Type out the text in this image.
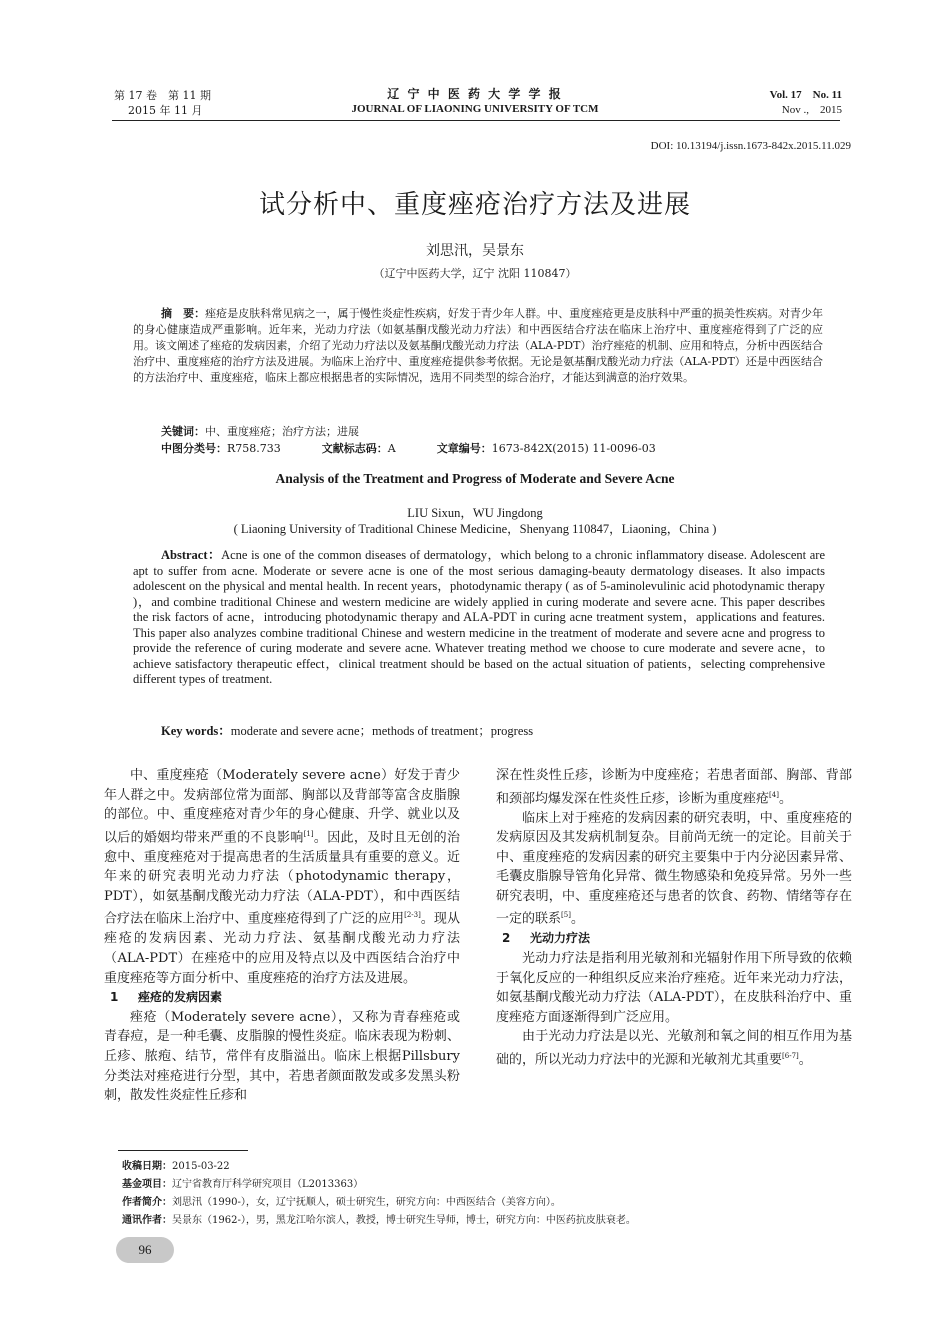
第 17 卷　第 11 期
2015 年 11 月
辽 宁 中 医 药 大 学 学 报
JOURNAL OF LIAONING UNIVERSITY OF TCM
Vol. 17　No. 11
Nov .,　2015
DOI: 10.13194/j.issn.1673-842x.2015.11.029
试分析中、重度痤疮治疗方法及进展
刘思汛，吴景东
（辽宁中医药大学，辽宁 沈阳 110847）
摘　要：痤疮是皮肤科常见病之一，属于慢性炎症性疾病，好发于青少年人群。中、重度痤疮更是皮肤科中严重的损美性疾病。对青少年的身心健康造成严重影响。近年来，光动力疗法（如氨基酮戊酸光动力疗法）和中西医结合疗法在临床上治疗中、重度痤疮得到了广泛的应用。该文阐述了痤疮的发病因素，介绍了光动力疗法以及氨基酮戊酸光动力疗法（ALA-PDT）治疗痤疮的机制、应用和特点，分析中西医结合治疗中、重度痤疮的治疗方法及进展。为临床上治疗中、重度痤疮提供参考依据。无论是氨基酮戊酸光动力疗法（ALA-PDT）还是中西医结合的方法治疗中、重度痤疮，临床上都应根据患者的实际情况，选用不同类型的综合治疗，才能达到满意的治疗效果。
关键词：中、重度痤疮；治疗方法；进展
中图分类号：R758.733	文献标志码：A	文章编号：1673-842X(2015) 11-0096-03
Analysis of the Treatment and Progress of Moderate and Severe Acne
LIU Sixun，WU Jingdong
( Liaoning University of Traditional Chinese Medicine，Shenyang 110847，Liaoning，China )
Abstract：Acne is one of the common diseases of dermatology，which belong to a chronic inflammatory disease. Adolescent are apt to suffer from acne. Moderate or severe acne is one of the most serious damaging-beauty dermatology diseases. It also impacts adolescent on the physical and mental health. In recent years，photodynamic therapy ( as of 5-aminolevulinic acid photodynamic therapy )，and combine traditional Chinese and western medicine are widely applied in curing moderate and severe acne. This paper describes the risk factors of acne，introducing photodynamic therapy and ALA-PDT in curing acne treatment system，applications and features. This paper also analyzes combine traditional Chinese and western medicine in the treatment of moderate and severe acne and progress to provide the reference of curing moderate and severe acne. Whatever treating method we choose to cure moderate and severe acne，to achieve satisfactory therapeutic effect，clinical treatment should be based on the actual situation of patients，selecting comprehensive different types of treatment.
Key words：moderate and severe acne；methods of treatment；progress

中、重度痤疮（Moderately severe acne）好发于青少年人群之中。发病部位常为面部、胸部以及背部等富含皮脂腺的部位。中、重度痤疮对青少年的身心健康、升学、就业以及以后的婚姻均带来严重的不良影响[1]。因此，及时且无创的治愈中、重度痤疮对于提高患者的生活质量具有重要的意义。近年来的研究表明光动力疗法（photodynamic therapy，PDT），如氨基酮戊酸光动力疗法（ALA-PDT），和中西医结合疗法在临床上治疗中、重度痤疮得到了广泛的应用[2-3]。现从痤疮的发病因素、光动力疗法、氨基酮戊酸光动力疗法（ALA-PDT）在痤疮中的应用及特点以及中西医结合治疗中重度痤疮等方面分析中、重度痤疮的治疗方法及进展。

1 痤疮的发病因素

痤疮（Moderately severe acne），又称为青春痤疮或青春痘，是一种毛囊、皮脂腺的慢性炎症。临床表现为粉刺、丘疹、脓疱、结节，常伴有皮脂溢出。临床上根据Pillsbury分类法对痤疮进行分型，其中，若患者颜面散发或多发黑头粉刺，散发性炎症性丘疹和

深在性炎性丘疹，诊断为中度痤疮；若患者面部、胸部、背部和颈部均爆发深在性炎性丘疹，诊断为重度痤疮[4]。

临床上对于痤疮的发病因素的研究表明，中、重度痤疮的发病原因及其发病机制复杂。目前尚无统一的定论。目前关于中、重度痤疮的发病因素的研究主要集中于内分泌因素异常、毛囊皮脂腺导管角化异常、微生物感染和免疫异常。另外一些研究表明，中、重度痤疮还与患者的饮食、药物、情绪等存在一定的联系[5]。

2 光动力疗法

光动力疗法是指利用光敏剂和光辐射作用下所导致的依赖于氧化反应的一种组织反应来治疗痤疮。近年来光动力疗法，如氨基酮戊酸光动力疗法（ALA-PDT），在皮肤科治疗中、重度痤疮方面逐渐得到广泛应用。

由于光动力疗法是以光、光敏剂和氧之间的相互作用为基础的，所以光动力疗法中的光源和光敏剂尤其重要[6-7]。

收稿日期：2015-03-22
基金项目：辽宁省教育厅科学研究项目（L2013363）
作者简介：刘思汛（1990-），女，辽宁抚顺人，硕士研究生，研究方向：中西医结合（美容方向）。
通讯作者：吴景东（1962-），男，黑龙江哈尔滨人，教授，博士研究生导师，博士，研究方向：中医药抗皮肤衰老。
96
